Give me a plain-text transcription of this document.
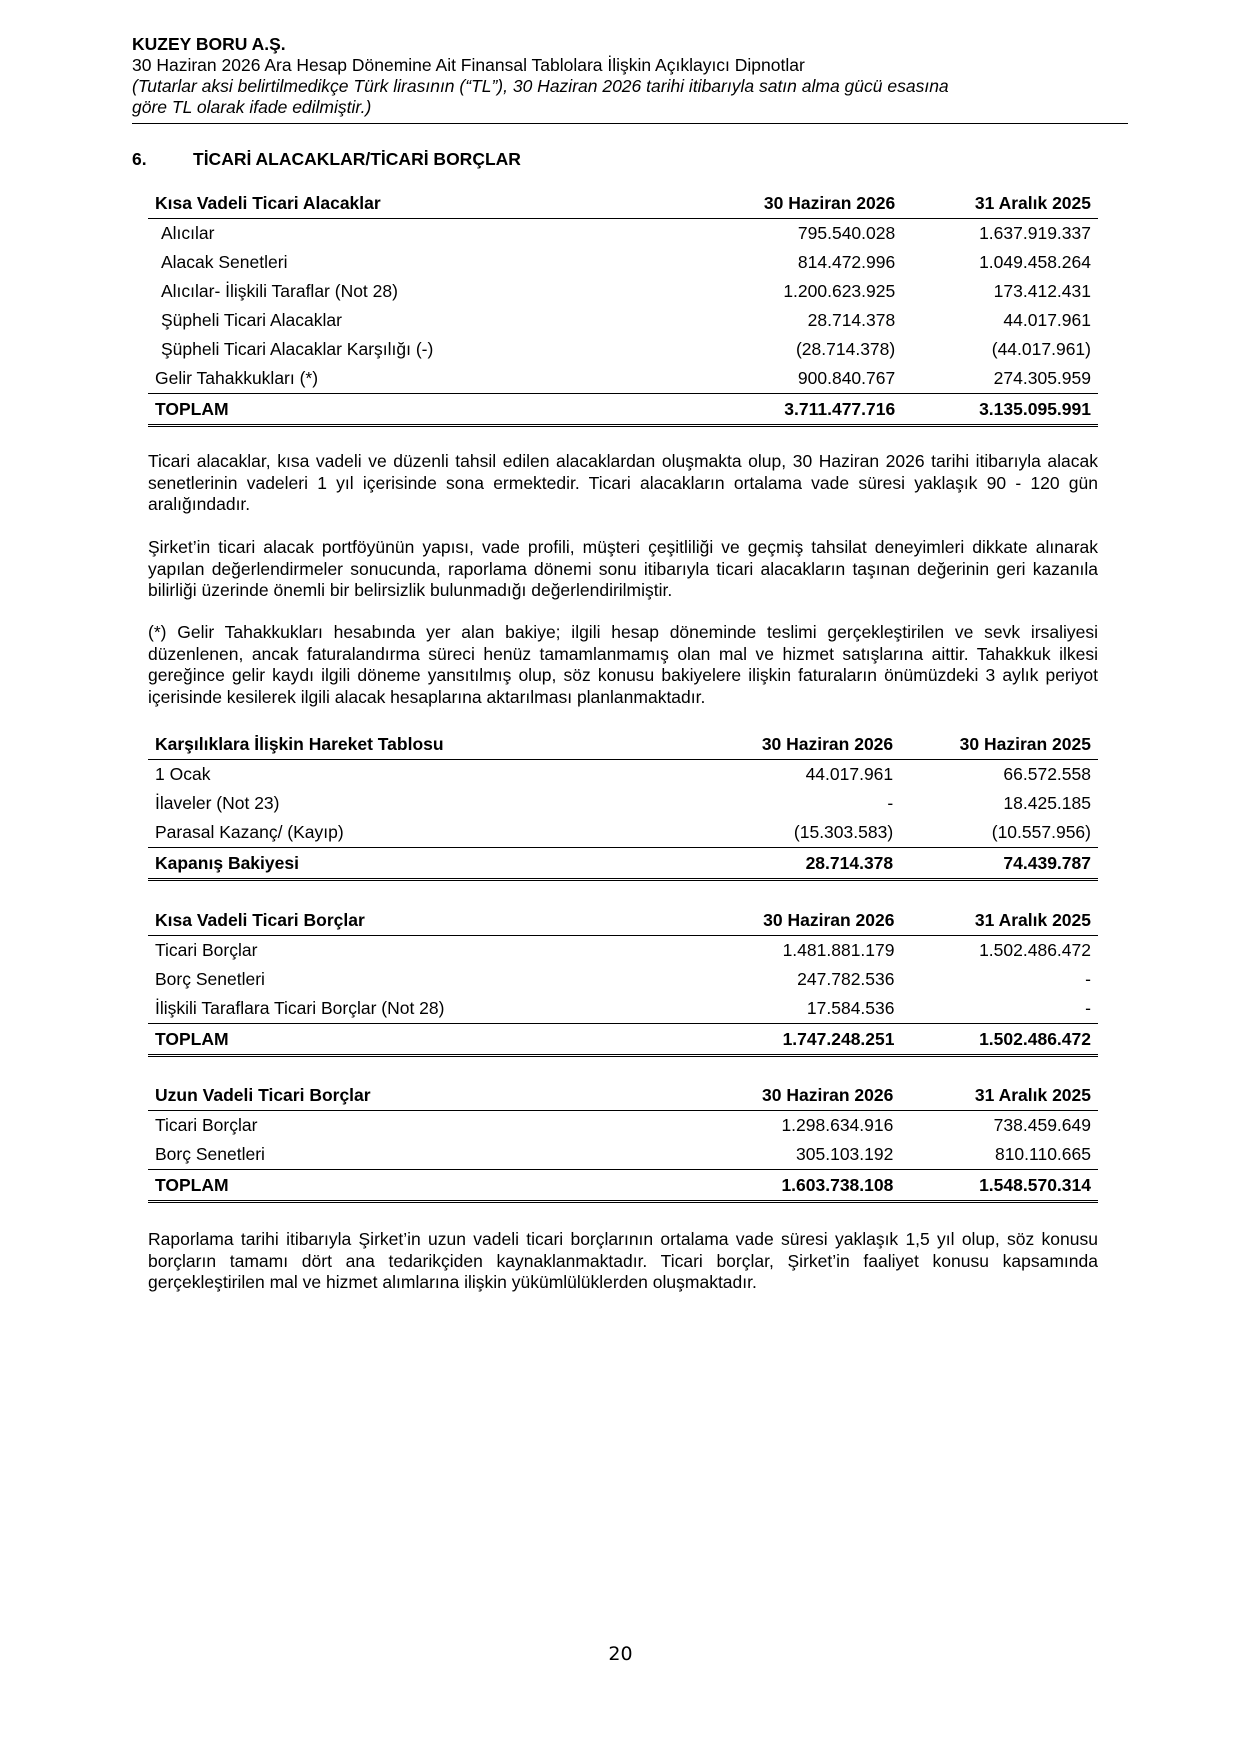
KUZEY BORU A.Ş.
30 Haziran 2026 Ara Hesap Dönemine Ait Finansal Tablolara İlişkin Açıklayıcı Dipnotlar
(Tutarlar aksi belirtilmedikçe Türk lirasının (“TL”), 30 Haziran 2026 tarihi itibarıyla satın alma gücü esasına
göre TL olarak ifade edilmiştir.)
6.	TİCARİ ALACAKLAR/TİCARİ BORÇLAR
Kısa Vadeli Ticari Alacaklar	30 Haziran 2026	31 Aralık 2025
Alıcılar	795.540.028	1.637.919.337
Alacak Senetleri	814.472.996	1.049.458.264
Alıcılar- İlişkili Taraflar (Not 28)	1.200.623.925	173.412.431
Şüpheli Ticari Alacaklar	28.714.378	44.017.961
Şüpheli Ticari Alacaklar Karşılığı (-)	(28.714.378)	(44.017.961)
Gelir Tahakkukları (*)	900.840.767	274.305.959
TOPLAM	3.711.477.716	3.135.095.991
Ticari alacaklar, kısa vadeli ve düzenli tahsil edilen alacaklardan oluşmakta olup, 30 Haziran 2026 tarihi itibarıyla alacak senetlerinin vadeleri 1 yıl içerisinde sona ermektedir. Ticari alacakların ortalama vade süresi yaklaşık 90 - 120 gün aralığındadır.
Şirket’in ticari alacak portföyünün yapısı, vade profili, müşteri çeşitliliği ve geçmiş tahsilat deneyimleri dikkate alınarak yapılan değerlendirmeler sonucunda, raporlama dönemi sonu itibarıyla ticari alacakların taşınan değerinin geri kazanıla bilirliği üzerinde önemli bir belirsizlik bulunmadığı değerlendirilmiştir.
(*) Gelir Tahakkukları hesabında yer alan bakiye; ilgili hesap döneminde teslimi gerçekleştirilen ve sevk irsaliyesi düzenlenen, ancak faturalandırma süreci henüz tamamlanmamış olan mal ve hizmet satışlarına aittir. Tahakkuk ilkesi gereğince gelir kaydı ilgili döneme yansıtılmış olup, söz konusu bakiyelere ilişkin faturaların önümüzdeki 3 aylık periyot içerisinde kesilerek ilgili alacak hesaplarına aktarılması planlanmaktadır.
Karşılıklara İlişkin Hareket Tablosu	30 Haziran 2026	30 Haziran 2025
1 Ocak	44.017.961	66.572.558
İlaveler (Not 23)	-	18.425.185
Parasal Kazanç/ (Kayıp)	(15.303.583)	(10.557.956)
Kapanış Bakiyesi	28.714.378	74.439.787
Kısa Vadeli Ticari Borçlar	30 Haziran 2026	31 Aralık 2025
Ticari Borçlar	1.481.881.179	1.502.486.472
Borç Senetleri	247.782.536	-
İlişkili Taraflara Ticari Borçlar (Not 28)	17.584.536	-
TOPLAM	1.747.248.251	1.502.486.472
Uzun Vadeli Ticari Borçlar	30 Haziran 2026	31 Aralık 2025
Ticari Borçlar	1.298.634.916	738.459.649
Borç Senetleri	305.103.192	810.110.665
TOPLAM	1.603.738.108	1.548.570.314
Raporlama tarihi itibarıyla Şirket’in uzun vadeli ticari borçlarının ortalama vade süresi yaklaşık 1,5 yıl olup, söz konusu borçların tamamı dört ana tedarikçiden kaynaklanmaktadır. Ticari borçlar, Şirket’in faaliyet konusu kapsamında gerçekleştirilen mal ve hizmet alımlarına ilişkin yükümlülüklerden oluşmaktadır.
20
